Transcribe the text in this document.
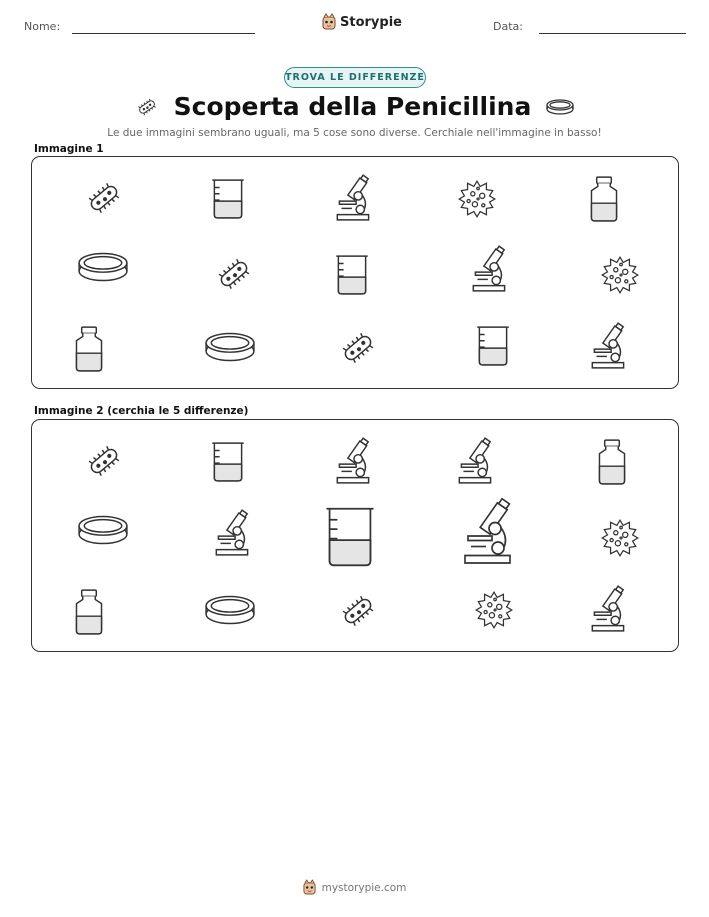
Nome:	Storypie	Data:
TROVA LE DIFFERENZE
Scoperta della Penicillina
Le due immagini sembrano uguali, ma 5 cose sono diverse. Cerchiale nell'immagine in basso!
Immagine 1
Immagine 2 (cerchia le 5 differenze)
mystorypie.com
